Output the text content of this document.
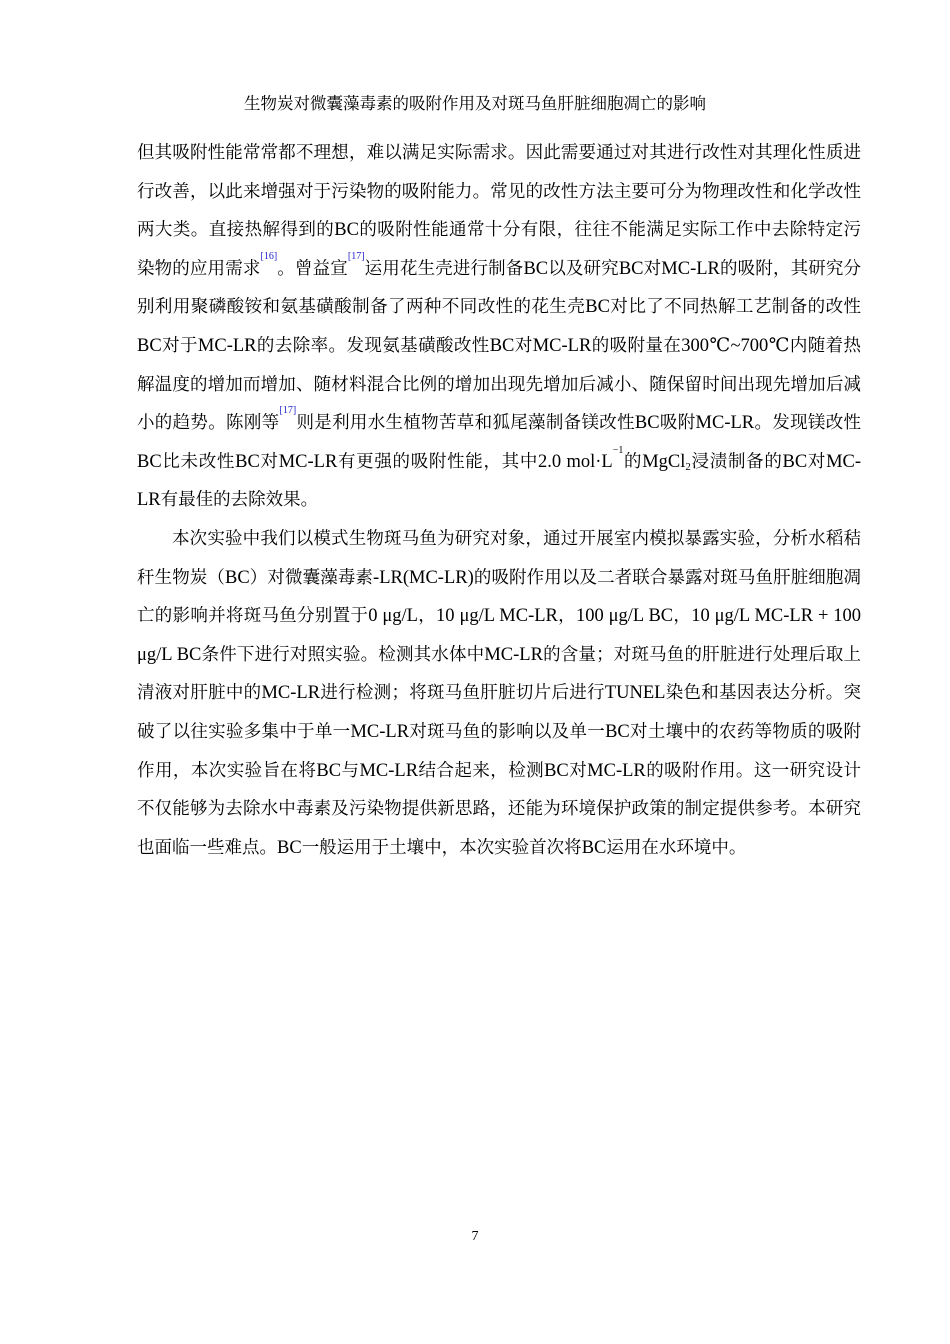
生物炭对微囊藻毒素的吸附作用及对斑马鱼肝脏细胞凋亡的影响

但其吸附性能常常都不理想，难以满足实际需求。因此需要通过对其进行改性对其理化性质进行改善，以此来增强对于污染物的吸附能力。常见的改性方法主要可分为物理改性和化学改性两大类。直接热解得到的BC的吸附性能通常十分有限，往往不能满足实际工作中去除特定污染物的应用需求[16]。曾益宣[17]运用花生壳进行制备BC以及研究BC对MC-LR的吸附，其研究分别利用聚磷酸铵和氨基磺酸制备了两种不同改性的花生壳BC对比了不同热解工艺制备的改性BC对于MC-LR的去除率。发现氨基磺酸改性BC对MC-LR的吸附量在300℃~700℃内随着热解温度的增加而增加、随材料混合比例的增加出现先增加后减小、随保留时间出现先增加后减小的趋势。陈刚等[17]则是利用水生植物苦草和狐尾藻制备镁改性BC吸附MC-LR。发现镁改性BC比未改性BC对MC-LR有更强的吸附性能，其中2.0 $mol\cdot L^{-1}$的MgCl$_2$浸渍制备的BC对MC-LR有最佳的去除效果。

本次实验中我们以模式生物斑马鱼为研究对象，通过开展室内模拟暴露实验，分析水稻秸秆生物炭（BC）对微囊藻毒素-LR(MC-LR)的吸附作用以及二者联合暴露对斑马鱼肝脏细胞凋亡的影响并将斑马鱼分别置于0 μg/L，10 μg/L MC-LR，100 μg/L BC，10 μg/L MC-LR + 100 μg/L BC条件下进行对照实验。检测其水体中MC-LR的含量；对斑马鱼的肝脏进行处理后取上清液对肝脏中的MC-LR进行检测；将斑马鱼肝脏切片后进行TUNEL染色和基因表达分析。突破了以往实验多集中于单一MC-LR对斑马鱼的影响以及单一BC对土壤中的农药等物质的吸附作用，本次实验旨在将BC与MC-LR结合起来，检测BC对MC-LR的吸附作用。这一研究设计不仅能够为去除水中毒素及污染物提供新思路，还能为环境保护政策的制定提供参考。本研究也面临一些难点。BC一般运用于土壤中，本次实验首次将BC运用在水环境中。

7
